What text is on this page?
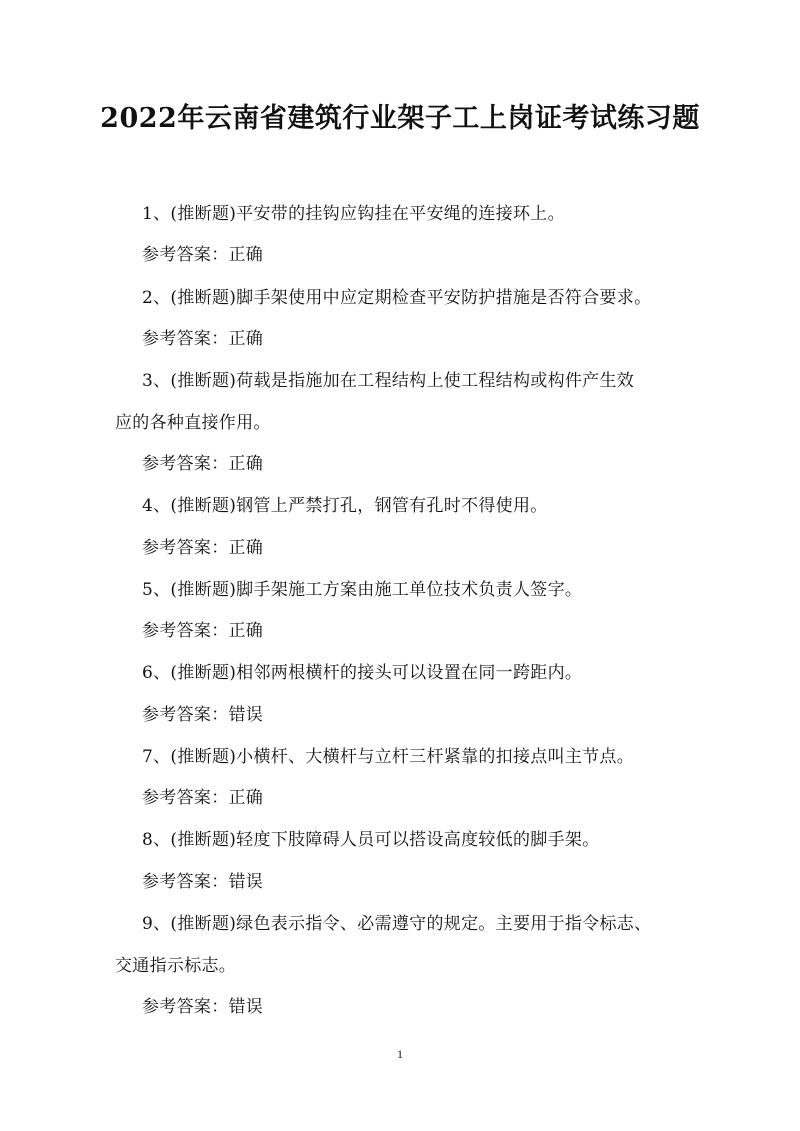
2022年云南省建筑行业架子工上岗证考试练习题
1、(推断题)平安带的挂钩应钩挂在平安绳的连接环上。
参考答案：正确
2、(推断题)脚手架使用中应定期检查平安防护措施是否符合要求。
参考答案：正确
3、(推断题)荷载是指施加在工程结构上使工程结构或构件产生效
应的各种直接作用。
参考答案：正确
4、(推断题)钢管上严禁打孔，钢管有孔时不得使用。
参考答案：正确
5、(推断题)脚手架施工方案由施工单位技术负责人签字。
参考答案：正确
6、(推断题)相邻两根横杆的接头可以设置在同一跨距内。
参考答案：错误
7、(推断题)小横杆、大横杆与立杆三杆紧靠的扣接点叫主节点。
参考答案：正确
8、(推断题)轻度下肢障碍人员可以搭设高度较低的脚手架。
参考答案：错误
9、(推断题)绿色表示指令、必需遵守的规定。主要用于指令标志、
交通指示标志。
参考答案：错误
1
